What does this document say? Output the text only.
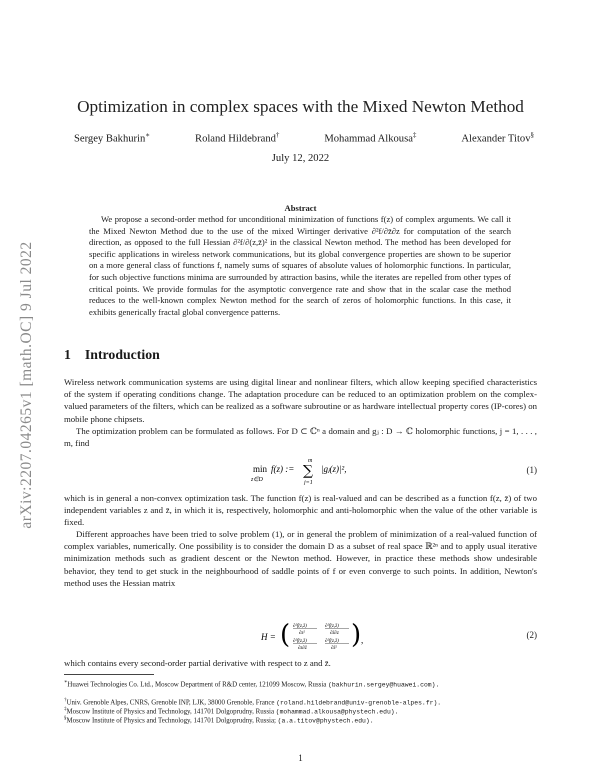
arXiv:2207.04265v1 [math.OC] 9 Jul 2022
Optimization in complex spaces with the Mixed Newton Method
Sergey Bakhurin∗	Roland Hildebrand†	Mohammad Alkousa‡	Alexander Titov§
July 12, 2022
Abstract

We propose a second-order method for unconditional minimization of functions f(z) of complex arguments. We call it the Mixed Newton Method due to the use of the mixed Wirtinger derivative ∂²f/∂z̄∂z for computation of the search direction, as opposed to the full Hessian ∂²f/∂(z,z̄)² in the classical Newton method. The method has been developed for specific applications in wireless network communications, but its global convergence properties are shown to be superior on a more general class of functions f, namely sums of squares of absolute values of holomorphic functions. In particular, for such objective functions minima are surrounded by attraction basins, while the iterates are repelled from other types of critical points. We provide formulas for the asymptotic convergence rate and show that in the scalar case the method reduces to the well-known complex Newton method for the search of zeros of holomorphic functions. In this case, it exhibits generically fractal global convergence patterns.

1 Introduction

Wireless network communication systems are using digital linear and nonlinear filters, which allow keeping specified characteristics of the system if operating conditions change. The adaptation procedure can be reduced to an optimization problem on the complex-valued parameters of the filters, which can be realized as a software subroutine or as hardware intellectual property cores (IP-cores) on mobile phone chipsets.

The optimization problem can be formulated as follows. For D ⊂ ℂⁿ a domain and gⱼ : D → ℂ holomorphic functions, j = 1, . . . , m, find

min
z∈D
f(z) :=
m
∑
j=1
|gⱼ(z)|²,	(1)

which is in general a non-convex optimization task. The function f(z) is real-valued and can be described as a function f(z, z̄) of two independent variables z and z̄, in which it is, respectively, holomorphic and anti-holomorphic when the value of the other variable is fixed.

Different approaches have been tried to solve problem (1), or in general the problem of minimization of a real-valued function of complex variables, numerically. One possibility is to consider the domain D as a subset of real space ℝ²ⁿ and to apply usual iterative minimization methods such as gradient descent or the Newton method. However, in practice these methods show undesirable behavior, they tend to get stuck in the neighbourhood of saddle points of f or even converge to such points. In addition, Newton's method uses the Hessian matrix

H = ( ∂²f(z,z̄)
∂z²
∂²f(z,z̄)
∂z̄∂z
∂²f(z,z̄)
∂z∂z̄
∂²f(z,z̄)
∂z̄² ) ,	(2)

which contains every second-order partial derivative with respect to z and z̄.

∗Huawei Technologies Co. Ltd., Moscow Department of R&D center, 121099 Moscow, Russia (bakhurin.sergey@huawei.com).

†Univ. Grenoble Alpes, CNRS, Grenoble INP, LJK, 38000 Grenoble, France (roland.hildebrand@univ-grenoble-alpes.fr).

‡Moscow Institute of Physics and Technology, 141701 Dolgoprudny, Russia (mohammad.alkousa@phystech.edu).

§Moscow Institute of Physics and Technology, 141701 Dolgoprudny, Russia; (a.a.titov@phystech.edu).

1
